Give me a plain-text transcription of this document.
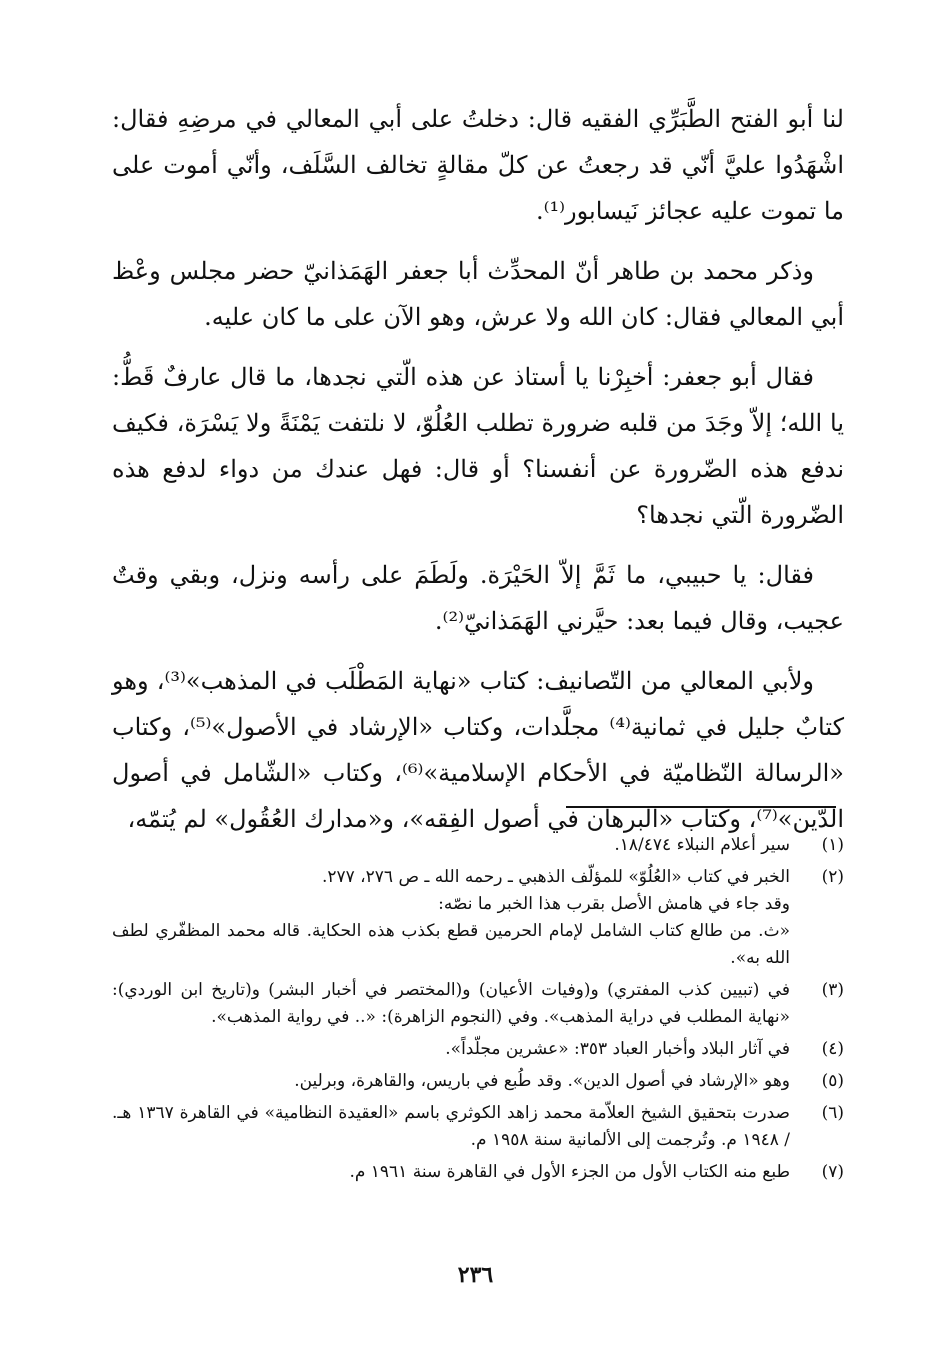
لنا أبو الفتح الطَّبَرِّي الفقيه قال: دخلتُ على أبي المعالي في مرضِهِ فقال: اشْهَدُوا عليَّ أنّي قد رجعتُ عن كلّ مقالةٍ تخالف السَّلَف، وأنّي أموت على ما تموت عليه عجائز نَيسابور⁽¹⁾.

وذكر محمد بن طاهر أنّ المحدِّث أبا جعفر الهَمَذانيّ حضر مجلس وعْظ أبي المعالي فقال: كان الله ولا عرش، وهو الآن على ما كان عليه.

فقال أبو جعفر: أخبِرْنا يا أستاذ عن هذه الّتي نجدها، ما قال عارفٌ قَطُّ: يا الله؛ إلاّ وجَدَ من قلبه ضرورة تطلب العُلُوّ، لا نلتفت يَمْنَةً ولا يَسْرَة، فكيف ندفع هذه الضّرورة عن أنفسنا؟ أو قال: فهل عندك من دواء لدفع هذه الضّرورة الّتي نجدها؟

فقال: يا حبيبي، ما ثَمَّ إلاّ الحَيْرَة. ولَطَمَ على رأسه ونزل، وبقي وقتٌ عجيب، وقال فيما بعد: حيَّرني الهَمَذانيّ⁽²⁾.

ولأبي المعالي من التّصانيف: كتاب «نهاية المَطْلَب في المذهب»⁽³⁾، وهو كتابٌ جليل في ثمانية⁽⁴⁾ مجلَّدات، وكتاب «الإرشاد في الأصول»⁽⁵⁾، وكتاب «الرسالة النّظاميّة في الأحكام الإسلامية»⁽⁶⁾، وكتاب «الشّامل في أصول الدّين»⁽⁷⁾، وكتاب «البرهان في أصول الفِقه»، و«مدارك العُقُول» لم يُتمّه،

(١)
سير أعلام النبلاء ١٨/٤٧٤.
(٢)
الخبر في كتاب «العُلُوّ» للمؤلّف الذهبي ـ رحمه الله ـ ص ٢٧٦، ٢٧٧.
وقد جاء في هامش الأصل بقرب هذا الخبر ما نصّه:
«ث. من طالع كتاب الشامل لإمام الحرمين قطع بكذب هذه الحكاية. قاله محمد المظفّري لطف الله به».
(٣)
في (تبيين كذب المفتري) و(وفيات الأعيان) و(المختصر في أخبار البشر) و(تاريخ ابن الوردي): «نهاية المطلب في دراية المذهب». وفي (النجوم الزاهرة): «.. في رواية المذهب».
(٤)
في آثار البلاد وأخبار العباد ٣٥٣: «عشرين مجلّداً».
(٥)
وهو «الإرشاد في أصول الدين». وقد طُبع في باريس، والقاهرة، وبرلين.
(٦)
صدرت بتحقيق الشيخ العلاّمة محمد زاهد الكوثري باسم «العقيدة النظامية» في القاهرة ١٣٦٧ هـ. / ١٩٤٨ م. وتُرجمت إلى الألمانية سنة ١٩٥٨ م.
(٧)
طبع منه الكتاب الأول من الجزء الأول في القاهرة سنة ١٩٦١ م.
٢٣٦
